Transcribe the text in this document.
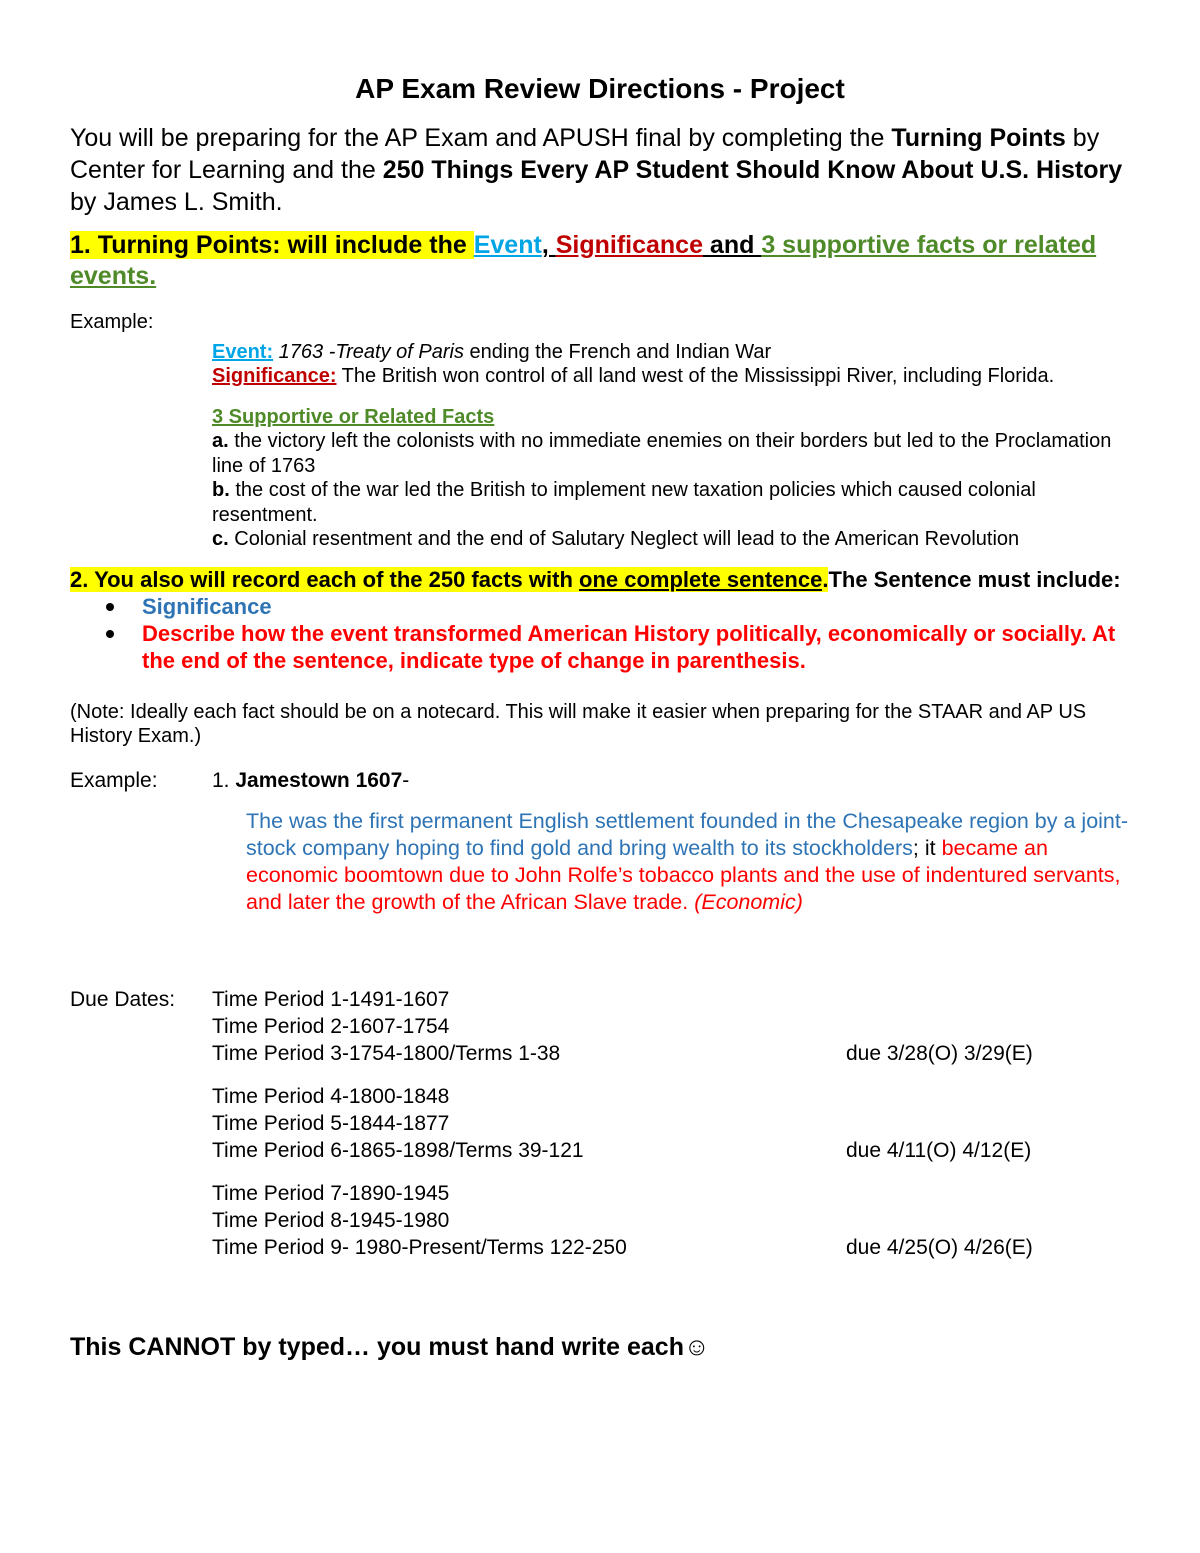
AP Exam Review Directions - Project
You will be preparing for the AP Exam and APUSH final by completing the Turning Points by Center for Learning and the 250 Things Every AP Student Should Know About U.S. History by James L. Smith.
1. Turning Points: will include the Event, Significance and 3 supportive facts or related events.
Example:
Event: 1763 -Treaty of Paris ending the French and Indian War
Significance: The British won control of all land west of the Mississippi River, including Florida.
3 Supportive or Related Facts
a. the victory left the colonists with no immediate enemies on their borders but led to the Proclamation line of 1763
b. the cost of the war led the British to implement new taxation policies which caused colonial resentment.
c. Colonial resentment and the end of Salutary Neglect will lead to the American Revolution
2. You also will record each of the 250 facts with one complete sentence.The Sentence must include:
Significance
Describe how the event transformed American History politically, economically or socially. At the end of the sentence, indicate type of change in parenthesis.
(Note: Ideally each fact should be on a notecard. This will make it easier when preparing for the STAAR and AP US History Exam.)
Example:	1. Jamestown 1607-
The was the first permanent English settlement founded in the Chesapeake region by a joint-stock company hoping to find gold and bring wealth to its stockholders; it became an economic boomtown due to John Rolfe’s tobacco plants and the use of indentured servants, and later the growth of the African Slave trade. (Economic)
Due Dates:	Time Period 1-1491-1607
Time Period 2-1607-1754
Time Period 3-1754-1800/Terms 1-38	due 3/28(O) 3/29(E)
Time Period 4-1800-1848
Time Period 5-1844-1877
Time Period 6-1865-1898/Terms 39-121	due 4/11(O) 4/12(E)
Time Period 7-1890-1945
Time Period 8-1945-1980
Time Period 9- 1980-Present/Terms 122-250	due 4/25(O) 4/26(E)
This CANNOT by typed… you must hand write each☺
